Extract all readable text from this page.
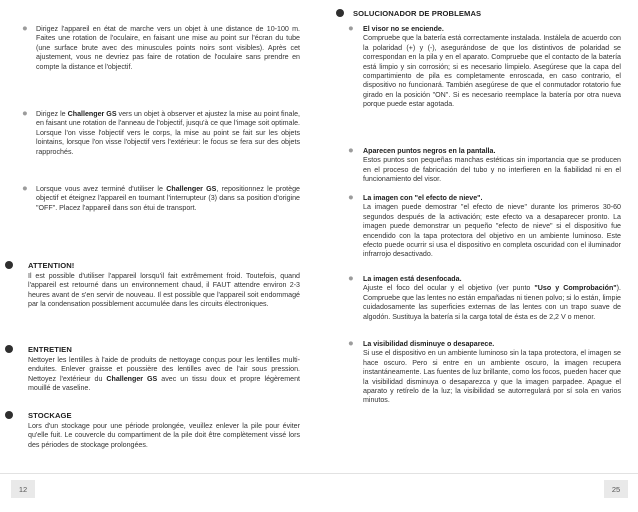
● Dirigez l'appareil en état de marche vers un objet à une distance de 10-100 m. Faites une rotation de l'oculaire, en faisant une mise au point sur l'écran du tube (une surface brute avec des minuscules points noirs sont visibles). Après cet ajustement, vous ne devriez pas faire de rotation de l'oculaire sans prendre en compte la distance et l'objectif.
● Dirigez le Challenger GS vers un objet à observer et ajustez la mise au point finale, en faisant une rotation de l'anneau de l'objectif, jusqu'à ce que l'image soit optimale. Lorsque l'on visse l'objectif vers le corps, la mise au point se fait sur les objets lointains, lorsque l'on visse l'objectif vers l'extérieur: le focus se fera sur des objets rapprochés.
● Lorsque vous avez terminé d'utiliser le Challenger GS, repositionnez le protège objectif et éteignez l'appareil en tournant l'interrupteur (3) dans sa position d'origine "OFF". Placez l'appareil dans son étui de transport.
ATTENTION!
Il est possible d'utiliser l'appareil lorsqu'il fait extrêmement froid. Toutefois, quand l'appareil est retourné dans un environnement chaud, il FAUT attendre environ 2-3 heures avant de s'en servir de nouveau. Il est possible que l'appareil soit endommagé par la condensation possiblement accumulée dans les circuits électroniques.
ENTRETIEN
Nettoyer les lentilles à l'aide de produits de nettoyage conçus pour les lentilles multi-enduites. Enlever graisse et poussière des lentilles avec de l'air sous pression. Nettoyez l'extérieur du Challenger GS avec un tissu doux et propre légèrement mouillé de vaseline.
STOCKAGE
Lors d'un stockage pour une période prolongée, veuillez enlever la pile pour éviter qu'elle fuit. Le couvercle du compartiment de la pile doit être complètement vissé lors des périodes de stockage prolongées.
SOLUCIONADOR DE PROBLEMAS
● El visor no se enciende.
Compruebe que la batería está correctamente instalada. Instálela de acuerdo con la polaridad (+) y (-), asegurándose de que los distintivos de polaridad se correspondan en la pila y en el aparato. Compruebe que el contacto de la batería está limpio y sin corrosión; si es necesario límpielo. Asegúrese que la capa del compartimiento de pila es completamente enroscada, en caso contrario, el dispositivo no funcionará. También asegúrese de que el conmutador rotatorio fue girado en la posición "ON". Si es necesario reemplace la batería por otra nueva porque puede estar agotada.
● Aparecen puntos negros en la pantalla.
Estos puntos son pequeñas manchas estéticas sin importancia que se producen en el proceso de fabricación del tubo y no interfieren en la fiabilidad ni en el funcionamiento del visor.
● La imagen con "el efecto de nieve".
La imagen puede demostrar "el efecto de nieve" durante los primeros 30-60 segundos después de la activación; este efecto va a desaparecer pronto. La imagen puede demonstrar un pequeño "efecto de nieve" si el dispositivo fue encendido con la tapa protectora del objetivo en un ambiente luminoso. Este efecto puede ocurrir si usa el dispositivo en completa oscuridad con el iluminador infrarrojo desactivado.
● La imagen está desenfocada.
Ajuste el foco del ocular y el objetivo (ver punto "Uso y Comprobación"). Compruebe que las lentes no están empañadas ni tienen polvo; si lo están, limpie cuidadosamente las superficies externas de las lentes con un trapo suave de algodón. Sustituya la batería si la carga total de ésta es de 2,2 V o menor.
● La visibilidad disminuye o desaparece.
Si use el dispositivo en un ambiente luminoso sin la tapa protectora, el imagen se hace oscuro. Pero si entre en un ambiente oscuro, la imagen recupera instantáneamente. Las fuentes de luz brillante, como los focos, pueden hacer que la visibilidad disminuya o desaparezca y que la imagen parpadee. Apague el aparato y retírelo de la luz; la visibilidad se autorregulará por sí sola en varios minutos.
12	25
